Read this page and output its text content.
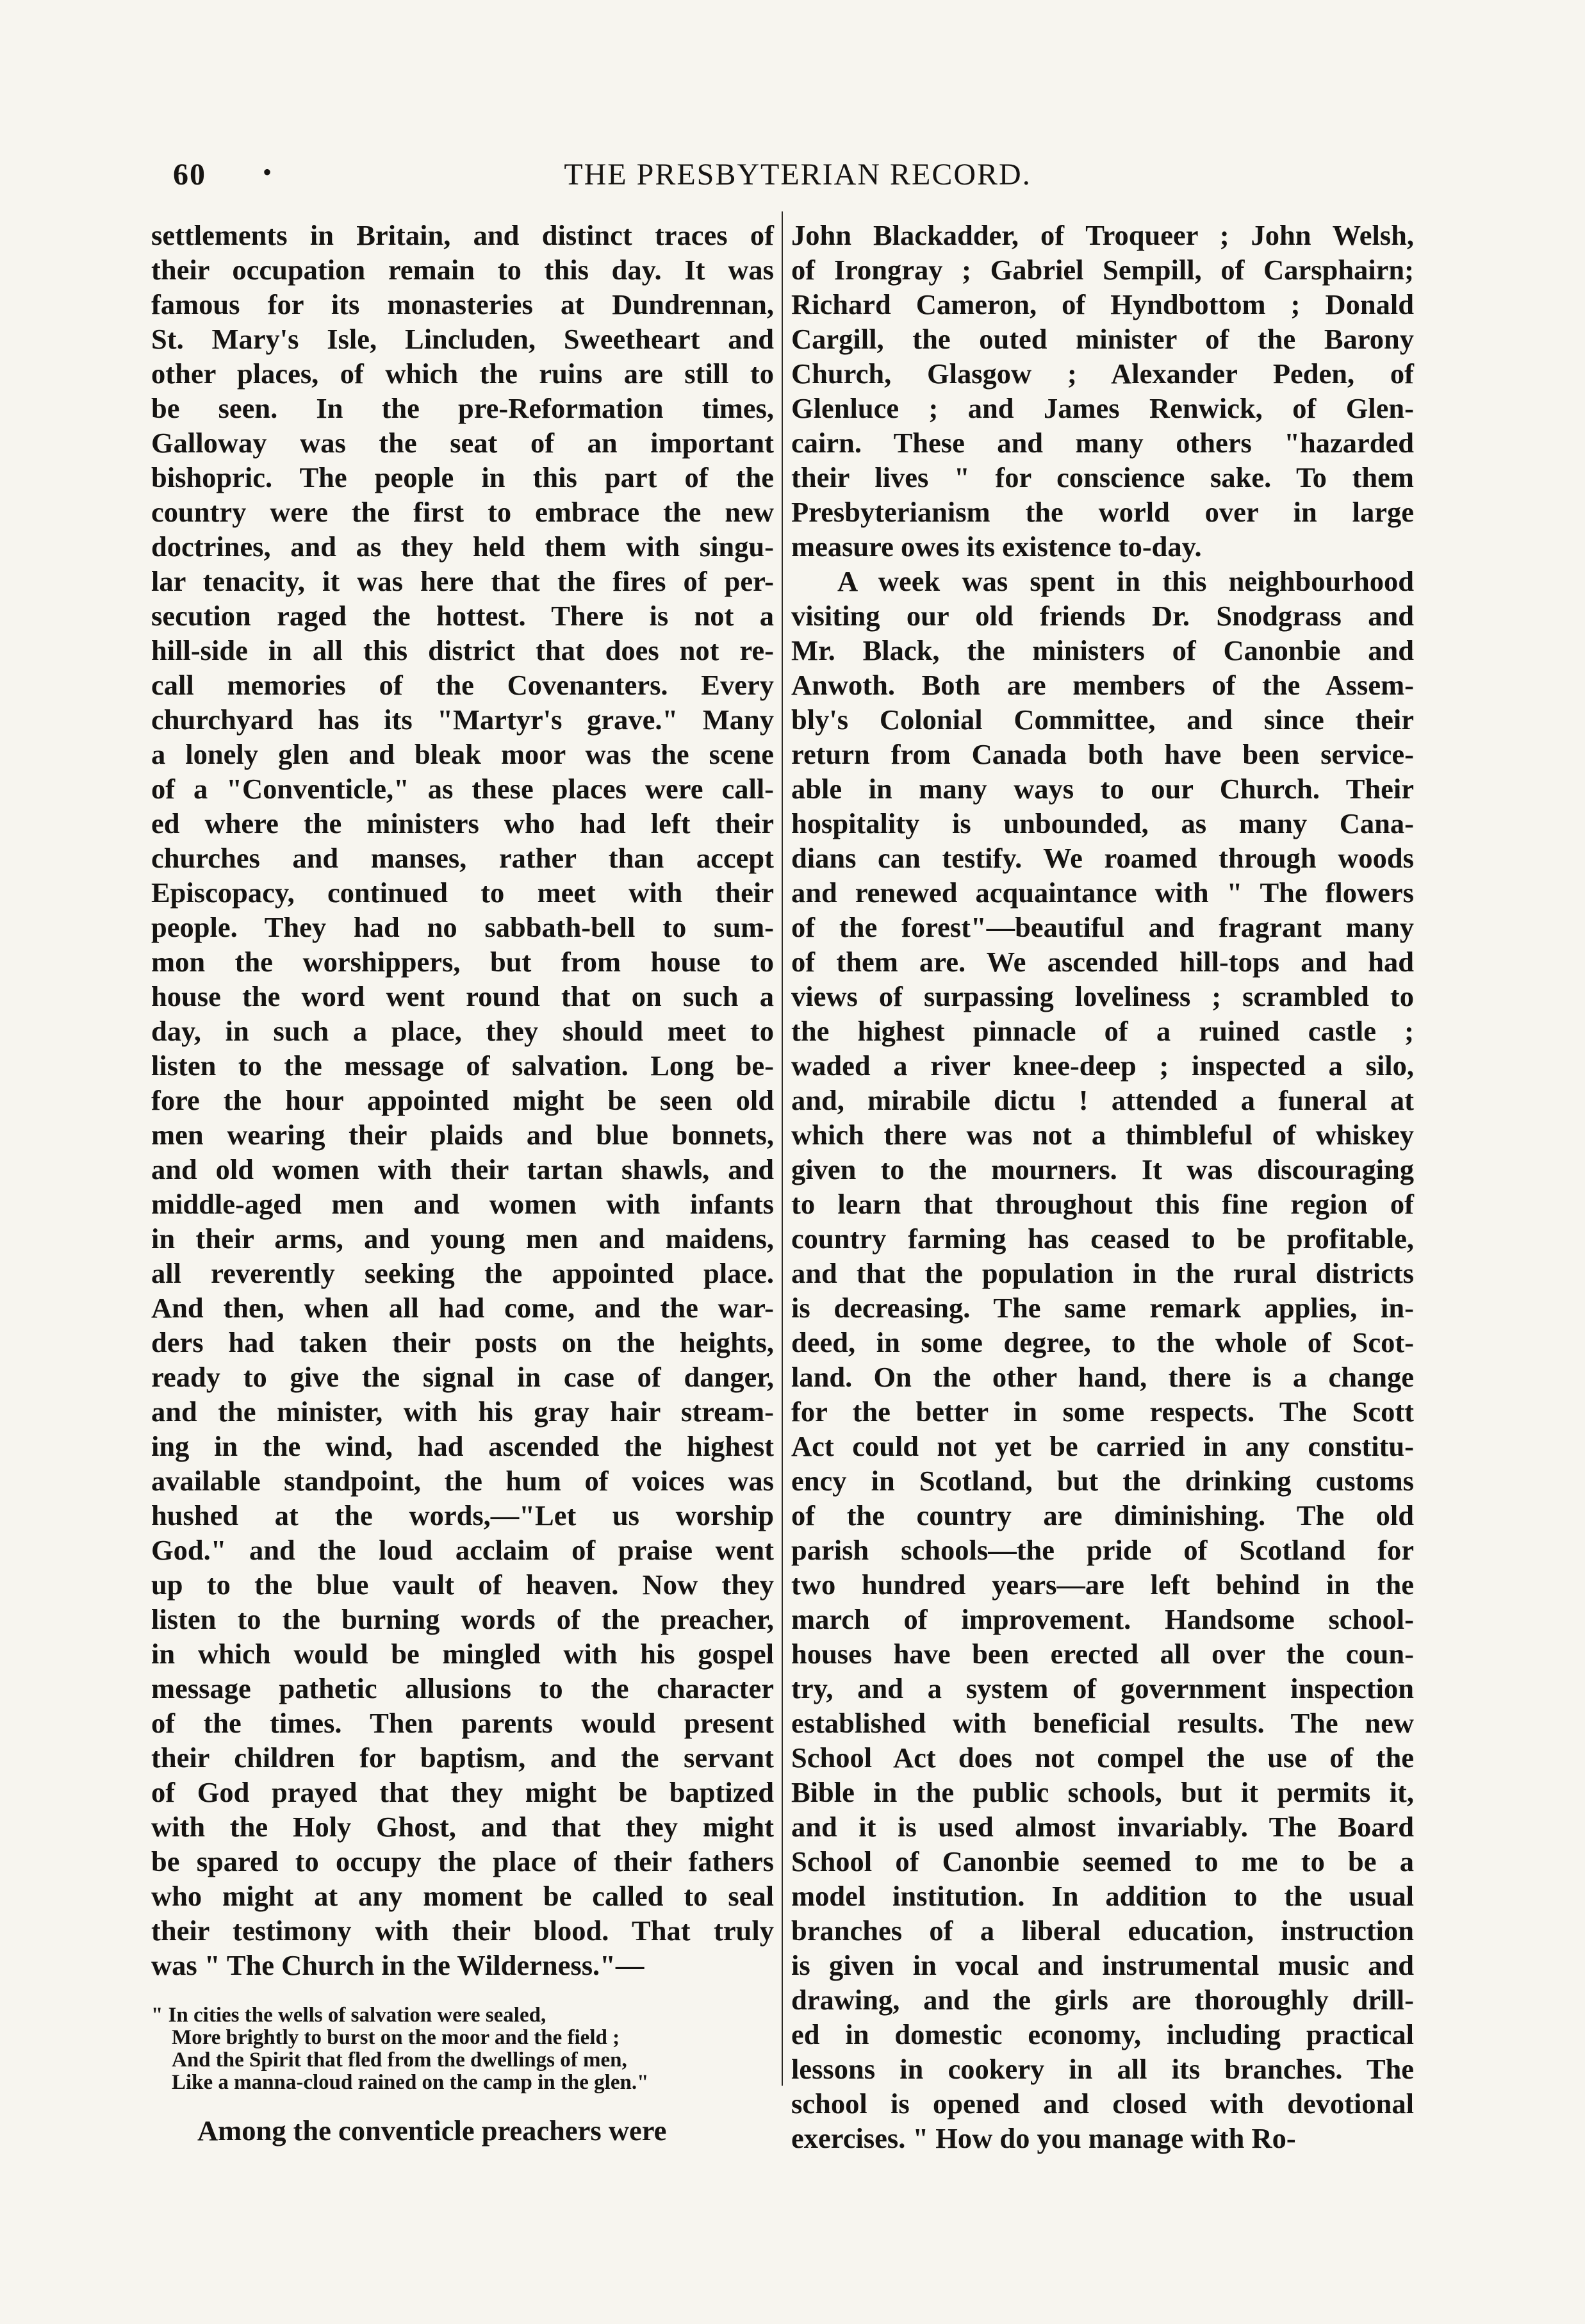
60 •	THE PRESBYTERIAN RECORD.
settlements in Britain, and distinct traces of
their occupation remain to this day. It was
famous for its monasteries at Dundrennan,
St. Mary's Isle, Lincluden, Sweetheart and
other places, of which the ruins are still to
be seen. In the pre-Reformation times,
Galloway was the seat of an important
bishopric. The people in this part of the
country were the first to embrace the new
doctrines, and as they held them with singu-
lar tenacity, it was here that the fires of per-
secution raged the hottest. There is not a
hill-side in all this district that does not re-
call memories of the Covenanters. Every
churchyard has its "Martyr's grave." Many
a lonely glen and bleak moor was the scene
of a "Conventicle," as these places were call-
ed where the ministers who had left their
churches and manses, rather than accept
Episcopacy, continued to meet with their
people. They had no sabbath-bell to sum-
mon the worshippers, but from house to
house the word went round that on such a
day, in such a place, they should meet to
listen to the message of salvation. Long be-
fore the hour appointed might be seen old
men wearing their plaids and blue bonnets,
and old women with their tartan shawls, and
middle-aged men and women with infants
in their arms, and young men and maidens,
all reverently seeking the appointed place.
And then, when all had come, and the war-
ders had taken their posts on the heights,
ready to give the signal in case of danger,
and the minister, with his gray hair stream-
ing in the wind, had ascended the highest
available standpoint, the hum of voices was
hushed at the words,—"Let us worship
God." and the loud acclaim of praise went
up to the blue vault of heaven. Now they
listen to the burning words of the preacher,
in which would be mingled with his gospel
message pathetic allusions to the character
of the times. Then parents would present
their children for baptism, and the servant
of God prayed that they might be baptized
with the Holy Ghost, and that they might
be spared to occupy the place of their fathers
who might at any moment be called to seal
their testimony with their blood. That truly
was " The Church in the Wilderness."—
" In cities the wells of salvation were sealed,
More brightly to burst on the moor and the field ;
And the Spirit that fled from the dwellings of men,
Like a manna-cloud rained on the camp in the glen."
Among the conventicle preachers were
John Blackadder, of Troqueer ; John Welsh,
of Irongray ; Gabriel Sempill, of Carsphairn;
Richard Cameron, of Hyndbottom ; Donald
Cargill, the outed minister of the Barony
Church, Glasgow ; Alexander Peden, of
Glenluce ; and James Renwick, of Glen-
cairn. These and many others "hazarded
their lives " for conscience sake. To them
Presbyterianism the world over in large
measure owes its existence to-day.
A week was spent in this neighbourhood
visiting our old friends Dr. Snodgrass and
Mr. Black, the ministers of Canonbie and
Anwoth. Both are members of the Assem-
bly's Colonial Committee, and since their
return from Canada both have been service-
able in many ways to our Church. Their
hospitality is unbounded, as many Cana-
dians can testify. We roamed through woods
and renewed acquaintance with " The flowers
of the forest"—beautiful and fragrant many
of them are. We ascended hill-tops and had
views of surpassing loveliness ; scrambled to
the highest pinnacle of a ruined castle ;
waded a river knee-deep ; inspected a silo,
and, mirabile dictu ! attended a funeral at
which there was not a thimbleful of whiskey
given to the mourners. It was discouraging
to learn that throughout this fine region of
country farming has ceased to be profitable,
and that the population in the rural districts
is decreasing. The same remark applies, in-
deed, in some degree, to the whole of Scot-
land. On the other hand, there is a change
for the better in some respects. The Scott
Act could not yet be carried in any constitu-
ency in Scotland, but the drinking customs
of the country are diminishing. The old
parish schools—the pride of Scotland for
two hundred years—are left behind in the
march of improvement. Handsome school-
houses have been erected all over the coun-
try, and a system of government inspection
established with beneficial results. The new
School Act does not compel the use of the
Bible in the public schools, but it permits it,
and it is used almost invariably. The Board
School of Canonbie seemed to me to be a
model institution. In addition to the usual
branches of a liberal education, instruction
is given in vocal and instrumental music and
drawing, and the girls are thoroughly drill-
ed in domestic economy, including practical
lessons in cookery in all its branches. The
school is opened and closed with devotional
exercises. " How do you manage with Ro-
